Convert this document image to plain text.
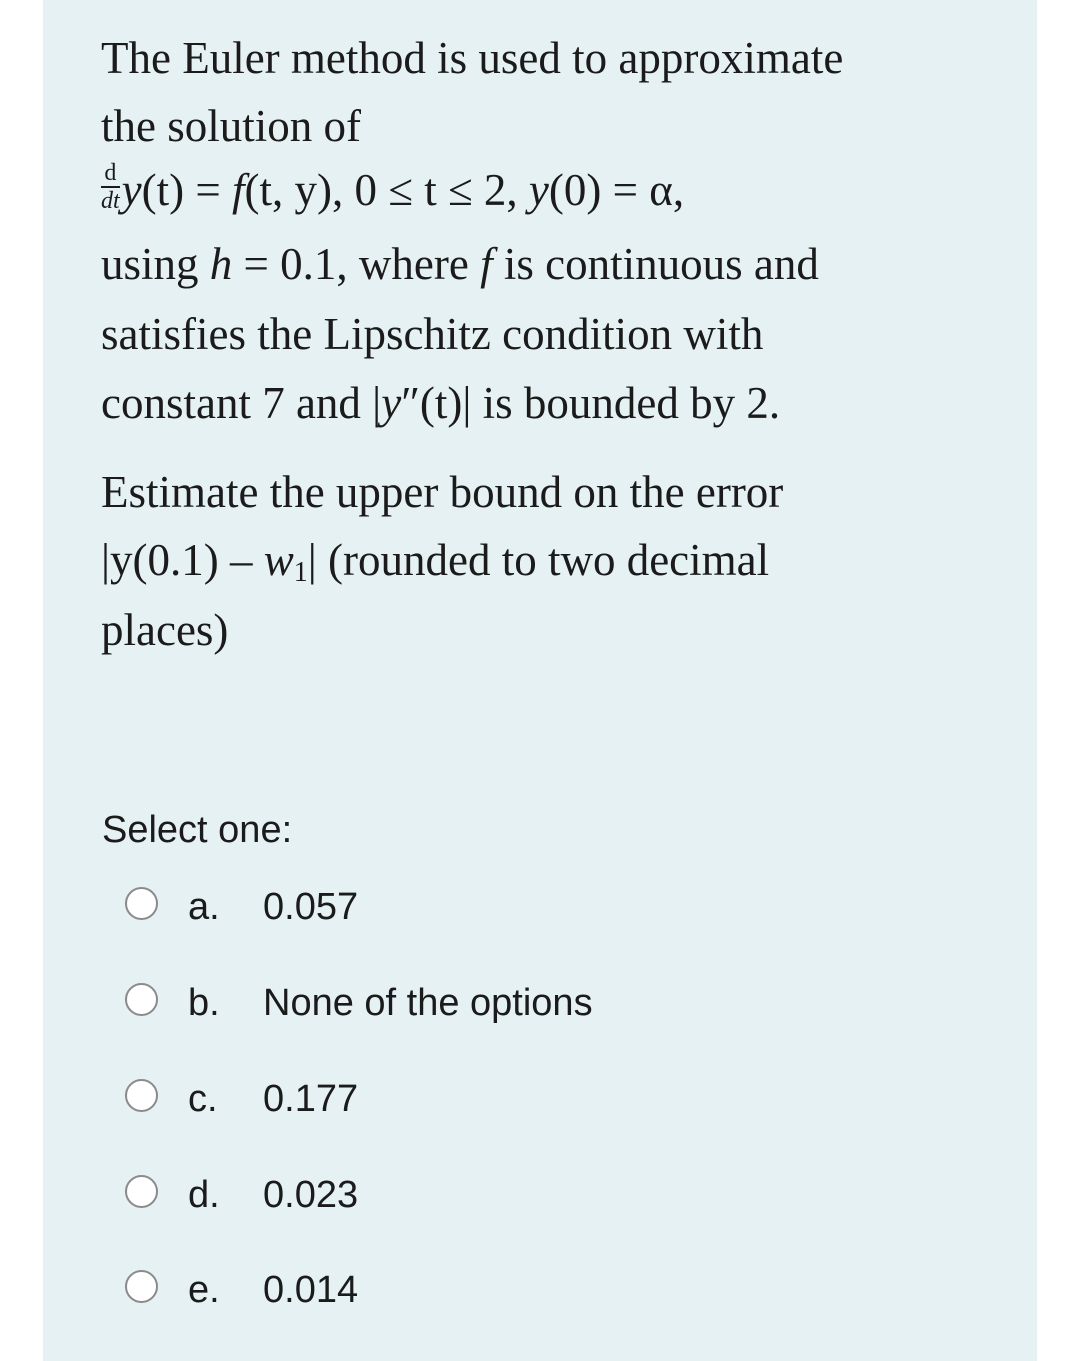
The Euler method is used to approximate
the solution of
$\frac{d}{dt} y(t) = f(t$, y), 0 ≤ t ≤ 2, y(0) = α,
using h = 0.1, where f is continuous and
satisfies the Lipschitz condition with
constant 7 and |y″(t)| is bounded by 2.
Estimate the upper bound on the error
$|y(0.1) - w_1|$ (rounded to two decimal
places)
Select one:
a. 0.057
b. None of the options
c. 0.177
d. 0.023
e. 0.014
